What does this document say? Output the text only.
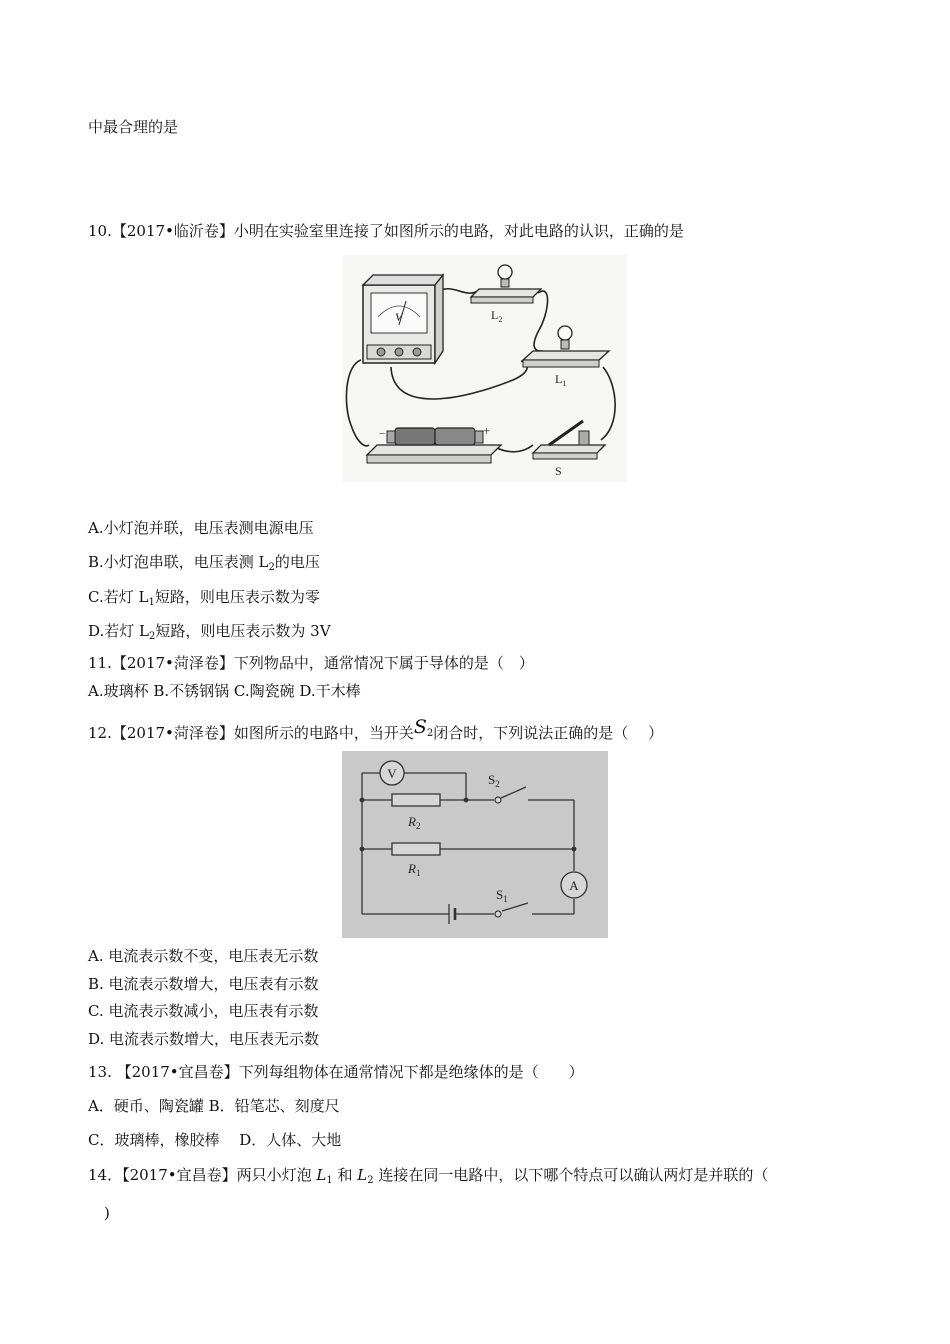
中最合理的是
10.【2017•临沂卷】小明在实验室里连接了如图所示的电路，对此电路的认识，正确的是
V	$L_2$
$L_1$
−	+
S
A.小灯泡并联，电压表测电源电压
B.小灯泡串联，电压表测 $L_2$的电压
C.若灯 $L_1$短路，则电压表示数为零
D.若灯 $L_2$短路，则电压表示数为 3V
11.【2017•菏泽卷】下列物品中，通常情况下属于导体的是（　）
A.玻璃杯 B.不锈钢锅 C.陶瓷碗 D.干木棒
12.【2017•菏泽卷】如图所示的电路中，当开关$S_2$闭合时，下列说法正确的是（　 ）
V
$R_2$
$R_1$
$S_2$
A
$S_1$
A. 电流表示数不变，电压表无示数
B. 电流表示数增大，电压表有示数
C. 电流表示数减小，电压表有示数
D. 电流表示数增大，电压表无示数
13. 【2017•宜昌卷】下列每组物体在通常情况下都是绝缘体的是（　　）
A．硬币、陶瓷罐 B．铅笔芯、刻度尺
C．玻璃棒，橡胶棒　 D．人体、大地
14．【2017•宜昌卷】两只小灯泡 $L_1$ 和 $L_2$ 连接在同一电路中，以下哪个特点可以确认两灯是并联的（
)
